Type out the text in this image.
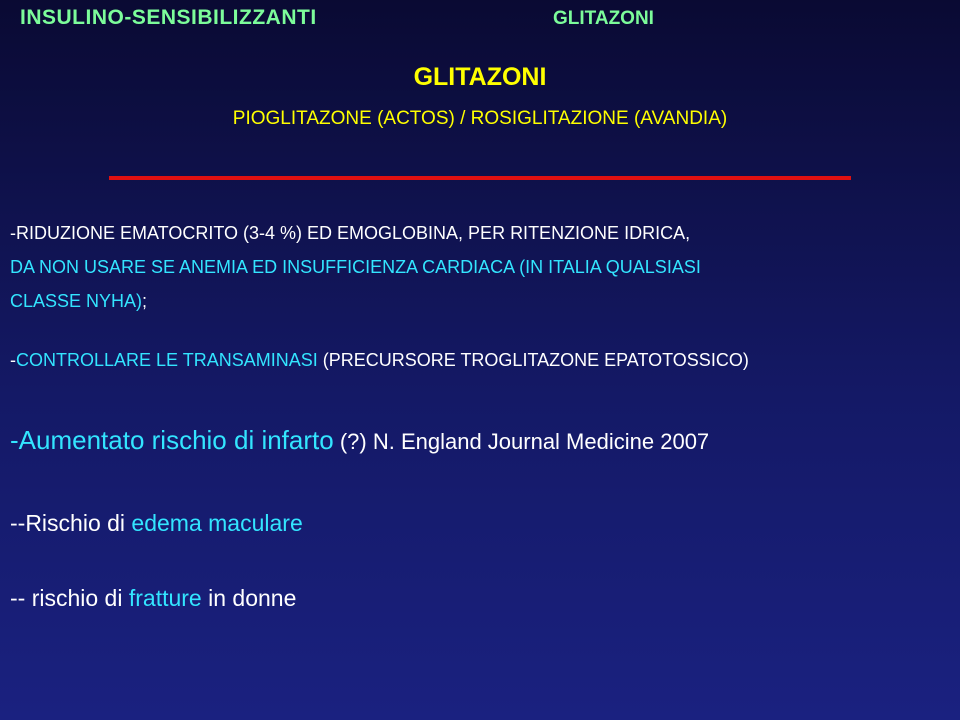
INSULINO-SENSIBILIZZANTI	GLITAZONI
GLITAZONI
PIOGLITAZONE (ACTOS) / ROSIGLITAZIONE (AVANDIA)
-RIDUZIONE EMATOCRITO (3-4 %) ED EMOGLOBINA, PER RITENZIONE IDRICA,
DA NON USARE SE ANEMIA ED INSUFFICIENZA CARDIACA (IN ITALIA QUALSIASI
CLASSE NYHA);
-CONTROLLARE LE TRANSAMINASI (PRECURSORE TROGLITAZONE EPATOTOSSICO)
-Aumentato rischio di infarto (?) N. England Journal Medicine 2007
--Rischio di edema maculare
-- rischio di fratture in donne
